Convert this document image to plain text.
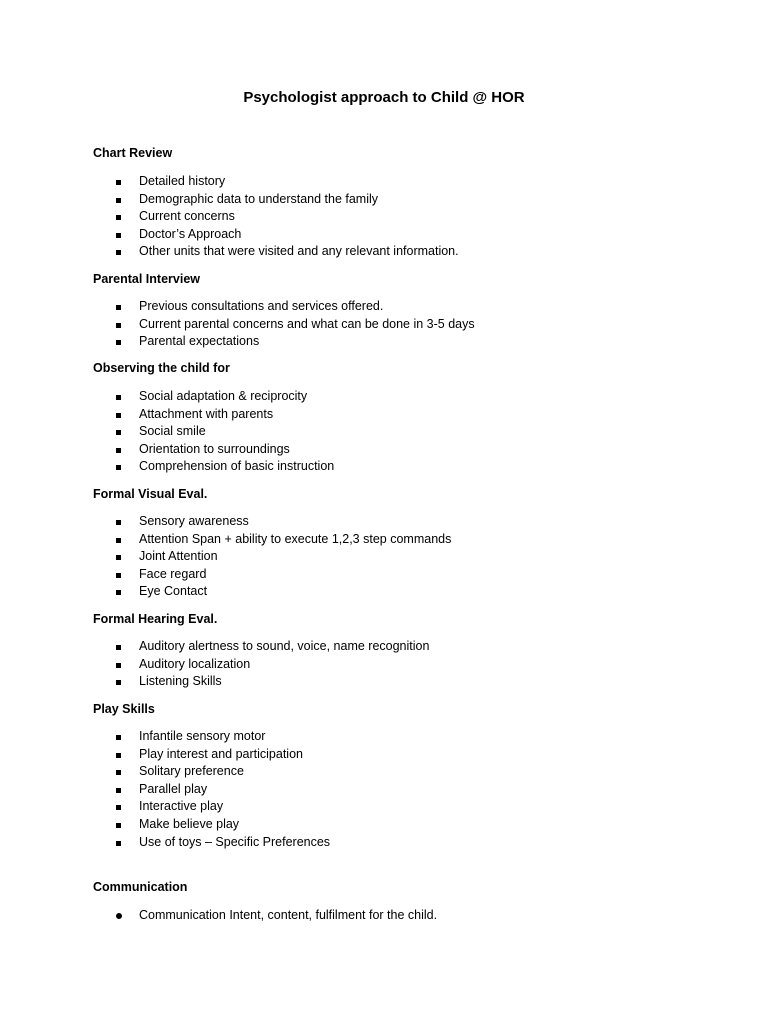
Psychologist approach to Child @ HOR
Chart Review
Detailed history
Demographic data to understand the family
Current concerns
Doctor’s Approach
Other units that were visited and any relevant information.
Parental Interview
Previous consultations and services offered.
Current parental concerns and what can be done in 3-5 days
Parental expectations
Observing the child for
Social adaptation & reciprocity
Attachment with parents
Social smile
Orientation to surroundings
Comprehension of basic instruction
Formal Visual Eval.
Sensory awareness
Attention Span + ability to execute 1,2,3 step commands
Joint Attention
Face regard
Eye Contact
Formal Hearing Eval.
Auditory alertness to sound, voice, name recognition
Auditory localization
Listening Skills
Play Skills
Infantile sensory motor
Play interest and participation
Solitary preference
Parallel play
Interactive play
Make believe play
Use of toys – Specific Preferences
Communication
Communication Intent, content, fulfilment for the child.
